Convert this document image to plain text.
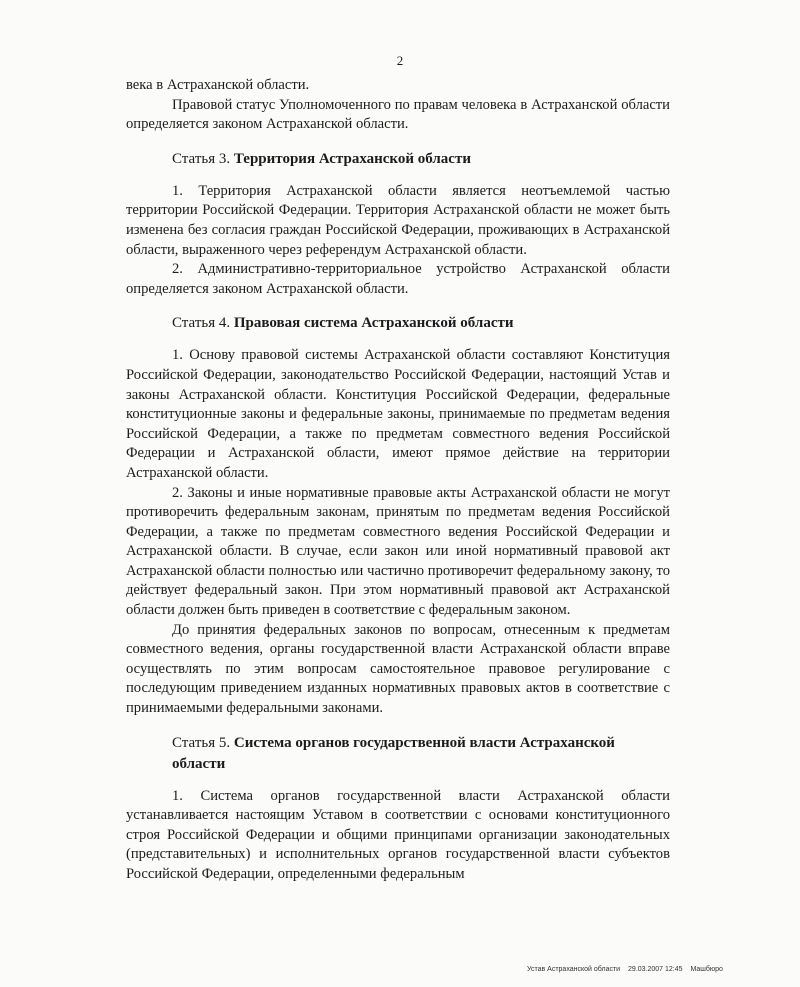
2

века в Астраханской области.

Правовой статус Уполномоченного по правам человека в Астраханской области определяется законом Астраханской области.

Статья 3. Территория Астраханской области

1. Территория Астраханской области является неотъемлемой частью территории Российской Федерации. Территория Астраханской области не может быть изменена без согласия граждан Российской Федерации, проживающих в Астраханской области, выраженного через референдум Астраханской области.

2. Административно-территориальное устройство Астраханской области определяется законом Астраханской области.

Статья 4. Правовая система Астраханской области

1. Основу правовой системы Астраханской области составляют Конституция Российской Федерации, законодательство Российской Федерации, настоящий Устав и законы Астраханской области. Конституция Российской Федерации, федеральные конституционные законы и федеральные законы, принимаемые по предметам ведения Российской Федерации, а также по предметам совместного ведения Российской Федерации и Астраханской области, имеют прямое действие на территории Астраханской области.

2. Законы и иные нормативные правовые акты Астраханской области не могут противоречить федеральным законам, принятым по предметам ведения Российской Федерации, а также по предметам совместного ведения Российской Федерации и Астраханской области. В случае, если закон или иной нормативный правовой акт Астраханской области полностью или частично противоречит федеральному закону, то действует федеральный закон. При этом нормативный правовой акт Астраханской области должен быть приведен в соответствие с федеральным законом.

До принятия федеральных законов по вопросам, отнесенным к предметам совместного ведения, органы государственной власти Астраханской области вправе осуществлять по этим вопросам самостоятельное правовое регулирование с последующим приведением изданных нормативных правовых актов в соответствие с принимаемыми федеральными законами.

Статья 5. Система органов государственной власти Астраханской области

1. Система органов государственной власти Астраханской области устанавливается настоящим Уставом в соответствии с основами конституционного строя Российской Федерации и общими принципами организации законодательных (представительных) и исполнительных органов государственной власти субъектов Российской Федерации, определенными федеральным

Устав Астраханской области 29.03.2007 12:45 Машбюро
